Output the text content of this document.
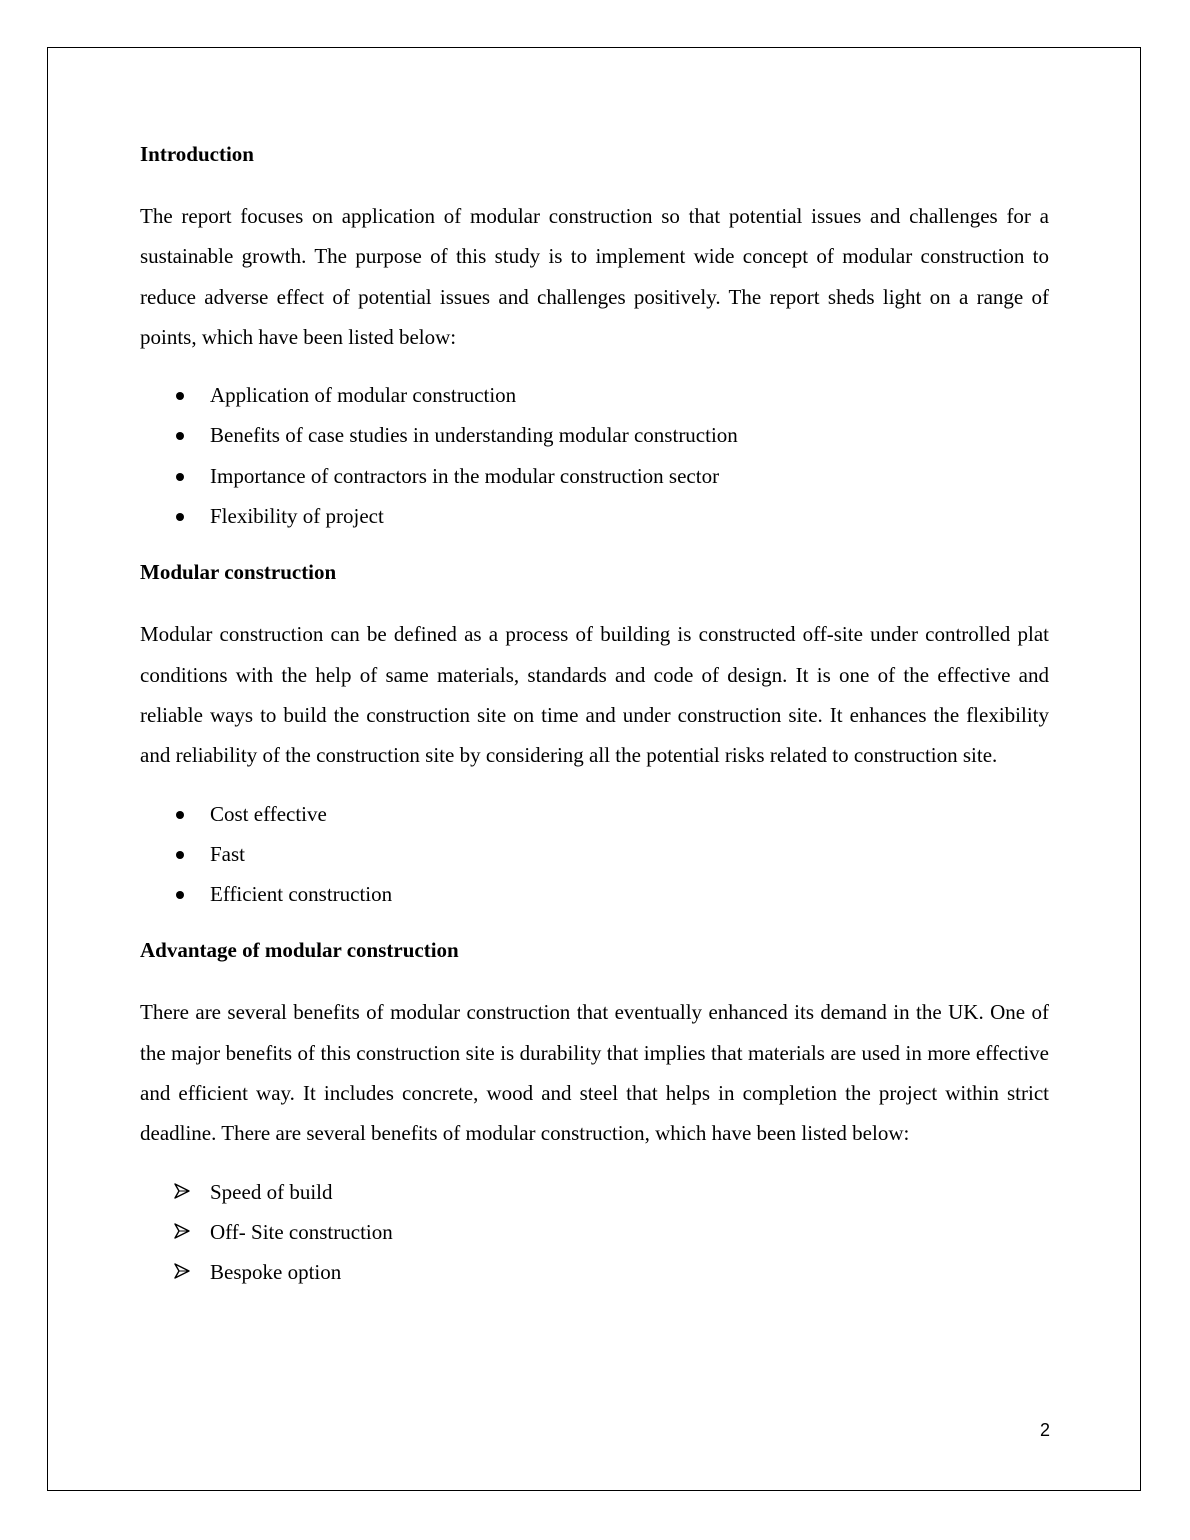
Introduction

The report focuses on application of modular construction so that potential issues and challenges for a sustainable growth. The purpose of this study is to implement wide concept of modular construction to reduce adverse effect of potential issues and challenges positively. The report sheds light on a range of points, which have been listed below:

Application of modular construction
Benefits of case studies in understanding modular construction
Importance of contractors in the modular construction sector
Flexibility of project
Modular construction

Modular construction can be defined as a process of building is constructed off-site under controlled plat conditions with the help of same materials, standards and code of design. It is one of the effective and reliable ways to build the construction site on time and under construction site. It enhances the flexibility and reliability of the construction site by considering all the potential risks related to construction site.

Cost effective
Fast
Efficient construction
Advantage of modular construction

There are several benefits of modular construction that eventually enhanced its demand in the UK. One of the major benefits of this construction site is durability that implies that materials are used in more effective and efficient way. It includes concrete, wood and steel that helps in completion the project within strict deadline. There are several benefits of modular construction, which have been listed below:

Speed of build
Off- Site construction
Bespoke option
2
